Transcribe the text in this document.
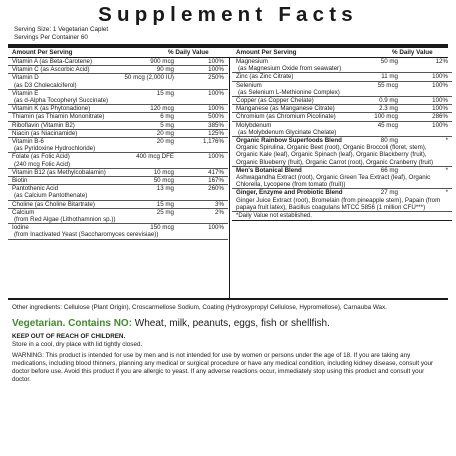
Supplement Facts
Serving Size: 1 Vegetarian Caplet
Servings Per Container 60
Amount Per Serving	% Daily Value	Amount Per Serving	% Daily Value
Vitamin A (as Beta-Carotene)	900 mcg	100%
Vitamin C (as Ascorbic Acid)	90 mg	100%
Vitamin D	50 mcg (2,000 IU)	250%
(as D3 Cholecalciferol)
Vitamin E	15 mg	100%
(as d-Alpha Tocopheryl Succinate)
Vitamin K (as Phytonadione)	120 mcg	100%
Thiamin (as Thiamin Mononitrate)	6 mg	500%
Riboflavin (Vitamin B2)	5 mg	385%
Niacin (as Niacinamide)	20 mg	125%
Vitamin B-6	20 mg	1,176%
(as Pyridoxine Hydrochloride)
Folate (as Folic Acid)	400 mcg DFE	100%
(240 mcg Folic Acid)
Vitamin B12 (as Methylcobalamin)	10 mcg	417%
Biotin	50 mcg	167%
Pantothenic Acid	13 mg	260%
(as Calcium Pantothenate)
Choline (as Choline Bitartrate)	15 mg	3%
Calcium	25 mg	2%
(from Red Algae (Lithothamnion sp.))
Iodine	150 mcg	100%
(from Inactivated Yeast (Saccharomyces cerevisiae))
Magnesium	50 mg	12%
(as Magnesium Oxide from seawater)
Zinc (as Zinc Citrate)	11 mg	100%
Selenium	55 mcg	100%
(as Selenium L-Methionine Complex)
Copper (as Copper Chelate)	0.9 mg	100%
Manganese (as Manganese Citrate)	2.3 mg	100%
Chromium (as Chromium Picolinate)	100 mcg	286%
Molybdenum	45 mcg	100%
(as Molybdenum Glycinate Chelate)
Organic Rainbow Superfoods Blend	80 mg	*
Organic Spirulina, Organic Beet (root), Organic Broccoli (floret, stem), Organic Kale (leaf), Organic Spinach (leaf), Organic Blackberry (fruit), Organic Blueberry (fruit), Organic Carrot (root), Organic Cranberry (fruit)
Men's Botanical Blend	66 mg	*
Ashwagandha Extract (root), Organic Green Tea Extract (leaf), Organic Chlorella, Lycopene (from tomato (fruit))
Ginger, Enzyme and Probiotic Blend	27 mg	*
Ginger Juice Extract (root), Bromelain (from pineapple stem), Papain (from papaya fruit latex), Bacillus coagulans MTCC 5856 (1 million CFU***)
*Daily Value not established.
Other ingredients: Cellulose (Plant Origin), Croscarmellose Sodium, Coating (Hydroxypropyl Cellulose, Hypromellose), Carnauba Wax.
Vegetarian. Contains NO: Wheat, milk, peanuts, eggs, fish or shellfish.
KEEP OUT OF REACH OF CHILDREN.
Store in a cool, dry place with lid tightly closed.
WARNING: This product is intended for use by men and is not intended for use by women or persons under the age of 18. If you are taking any medications, including blood thinners, planning any medical or surgical procedure or have any medical condition, including kidney disease, consult your doctor before use. Avoid this product if you are allergic to yeast. If any adverse reactions occur, immediately stop using this product and consult your doctor.
